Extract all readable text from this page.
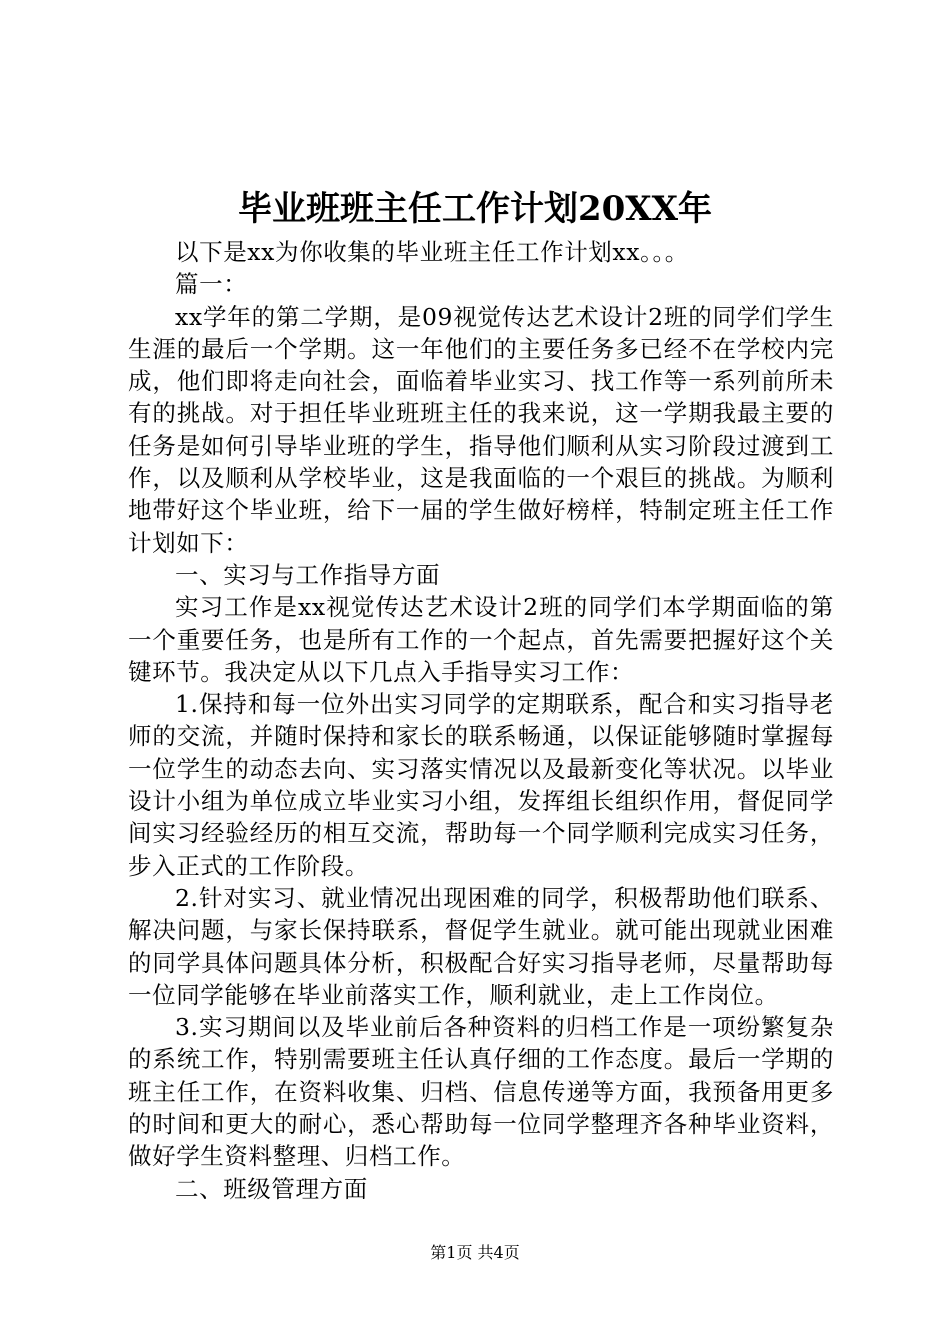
毕业班班主任工作计划20XX年

以下是xx为你收集的毕业班主任工作计划xx。。。

篇一：

xx学年的第二学期，是09视觉传达艺术设计2班的同学们学生生涯的最后一个学期。这一年他们的主要任务多已经不在学校内完成，他们即将走向社会，面临着毕业实习、找工作等一系列前所未有的挑战。对于担任毕业班班主任的我来说，这一学期我最主要的任务是如何引导毕业班的学生，指导他们顺利从实习阶段过渡到工作，以及顺利从学校毕业，这是我面临的一个艰巨的挑战。为顺利地带好这个毕业班，给下一届的学生做好榜样，特制定班主任工作计划如下：

一、实习与工作指导方面

实习工作是xx视觉传达艺术设计2班的同学们本学期面临的第一个重要任务，也是所有工作的一个起点，首先需要把握好这个关键环节。我决定从以下几点入手指导实习工作：

1.保持和每一位外出实习同学的定期联系，配合和实习指导老师的交流，并随时保持和家长的联系畅通，以保证能够随时掌握每一位学生的动态去向、实习落实情况以及最新变化等状况。以毕业设计小组为单位成立毕业实习小组，发挥组长组织作用，督促同学间实习经验经历的相互交流，帮助每一个同学顺利完成实习任务，步入正式的工作阶段。

2.针对实习、就业情况出现困难的同学，积极帮助他们联系、解决问题，与家长保持联系，督促学生就业。就可能出现就业困难的同学具体问题具体分析，积极配合好实习指导老师，尽量帮助每一位同学能够在毕业前落实工作，顺利就业，走上工作岗位。

3.实习期间以及毕业前后各种资料的归档工作是一项纷繁复杂的系统工作，特别需要班主任认真仔细的工作态度。最后一学期的班主任工作，在资料收集、归档、信息传递等方面，我预备用更多的时间和更大的耐心，悉心帮助每一位同学整理齐各种毕业资料，做好学生资料整理、归档工作。

二、班级管理方面

第1页 共4页
